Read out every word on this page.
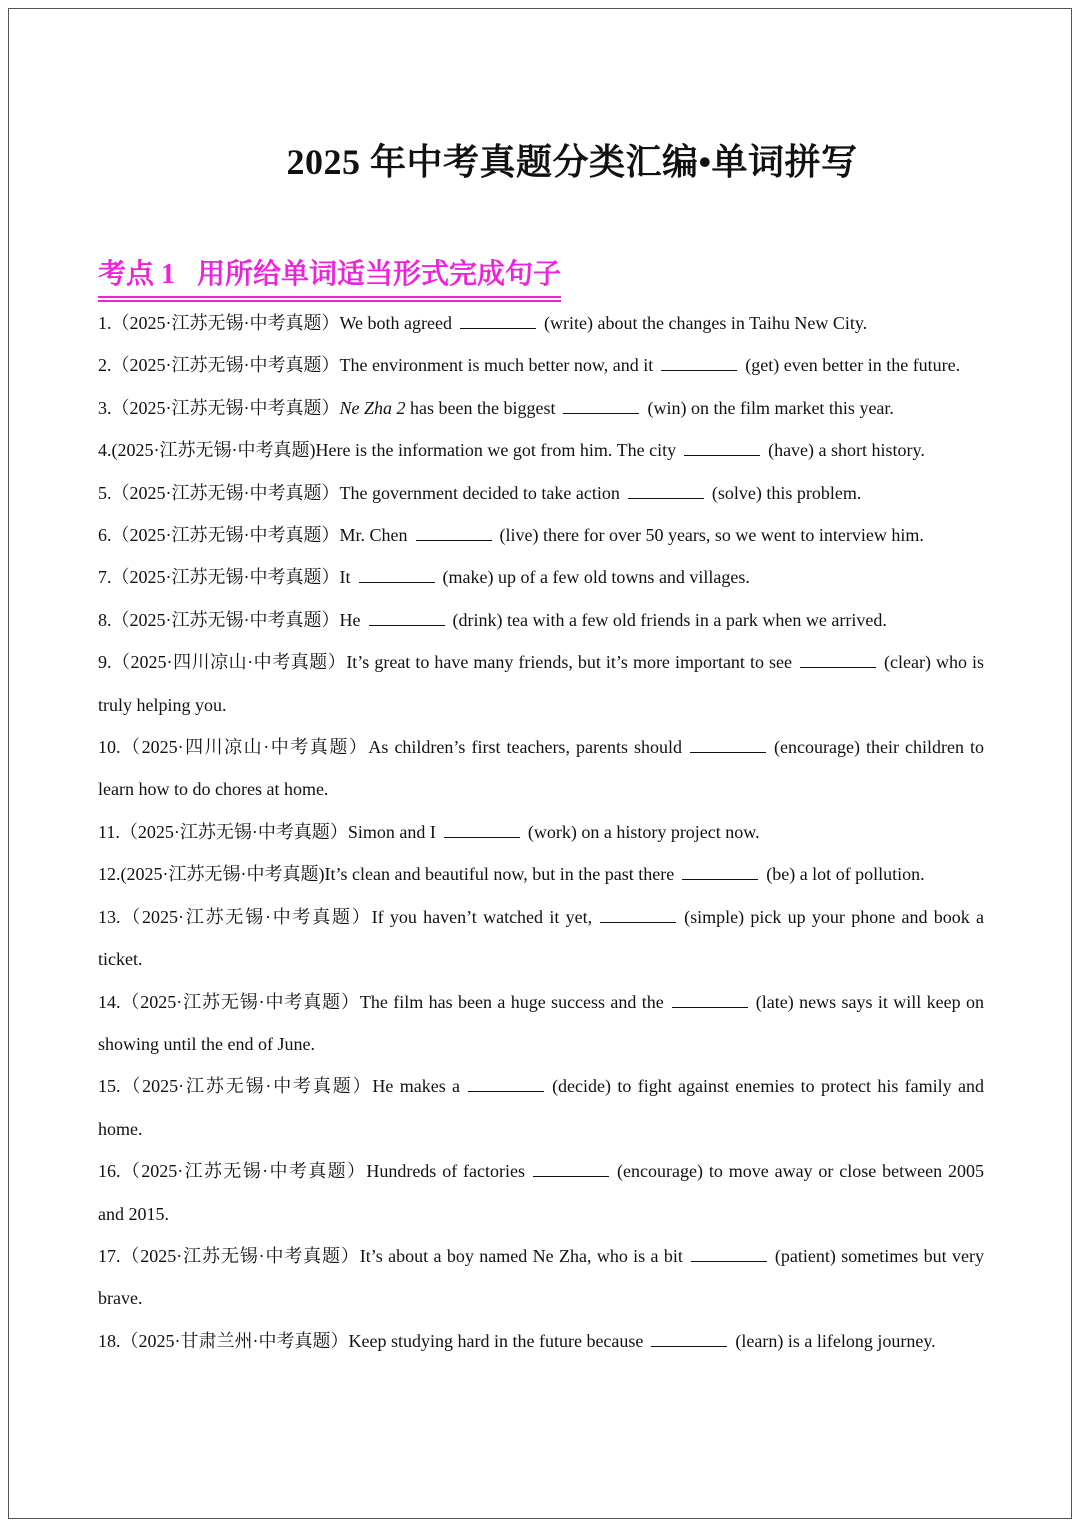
2025 年中考真题分类汇编•单词拼写
考点 1 用所给单词适当形式完成句子
1.（2025·江苏无锡·中考真题）We both agreed	(write) about the changes in Taihu New City.
2.（2025·江苏无锡·中考真题）The environment is much better now, and it	(get) even better in the future.
3.（2025·江苏无锡·中考真题）Ne Zha 2 has been the biggest	(win) on the film market this year.
4.(2025·江苏无锡·中考真题)Here is the information we got from him. The city	(have) a short history.
5.（2025·江苏无锡·中考真题）The government decided to take action	(solve) this problem.
6.（2025·江苏无锡·中考真题）Mr. Chen	(live) there for over 50 years, so we went to interview him.
7.（2025·江苏无锡·中考真题）It	(make) up of a few old towns and villages.
8.（2025·江苏无锡·中考真题）He	(drink) tea with a few old friends in a park when we arrived.
9.（2025·四川凉山·中考真题）It’s great to have many friends, but it’s more important to see	(clear) who is truly helping you.
10.（2025·四川凉山·中考真题）As children’s first teachers, parents should	(encourage) their children to learn how to do chores at home.
11.（2025·江苏无锡·中考真题）Simon and I	(work) on a history project now.
12.(2025·江苏无锡·中考真题)It’s clean and beautiful now, but in the past there	(be) a lot of pollution.
13.（2025·江苏无锡·中考真题）If you haven’t watched it yet,	(simple) pick up your phone and book a ticket.
14.（2025·江苏无锡·中考真题）The film has been a huge success and the	(late) news says it will keep on showing until the end of June.
15.（2025·江苏无锡·中考真题）He makes a	(decide) to fight against enemies to protect his family and home.
16.（2025·江苏无锡·中考真题）Hundreds of factories	(encourage) to move away or close between 2005 and 2015.
17.（2025·江苏无锡·中考真题）It’s about a boy named Ne Zha, who is a bit	(patient) sometimes but very brave.
18.（2025·甘肃兰州·中考真题）Keep studying hard in the future because	(learn) is a lifelong journey.
